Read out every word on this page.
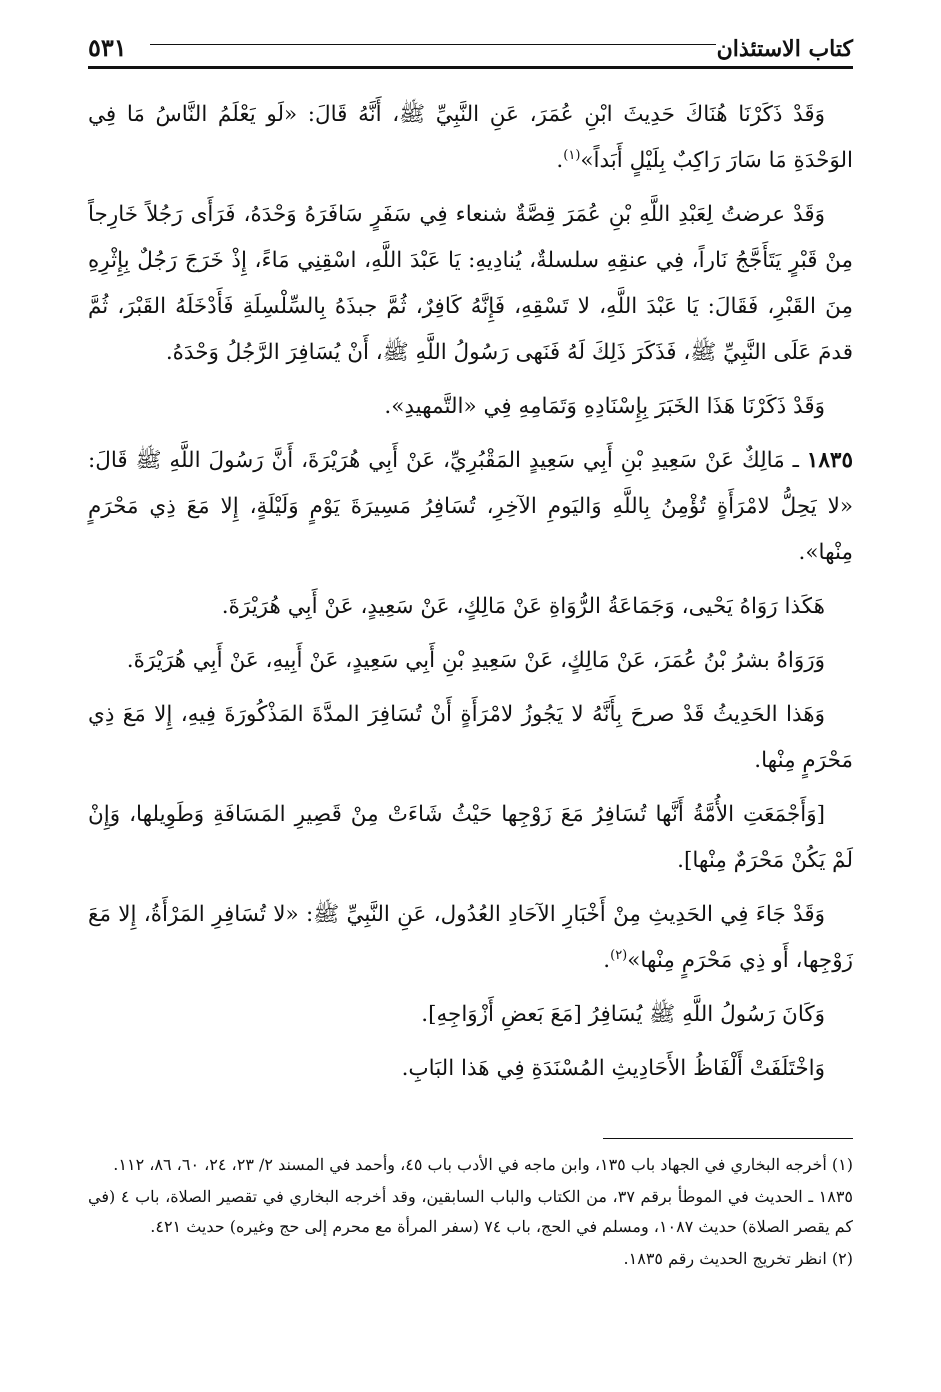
كتاب الاستئذان
٥٣١

وَقَدْ ذَكَرْنَا هُنَاكَ حَدِيثَ ابْنِ عُمَرَ، عَنِ النَّبِيِّ ﷺ، أَنَّهُ قَالَ: «لَو يَعْلَمُ النَّاسُ مَا فِي الوَحْدَةِ مَا سَارَ رَاكِبٌ بِلَيْلٍ أَبَداً»$^{(١)}$.

وَقَدْ عرضتُ لِعَبْدِ اللَّهِ بْنِ عُمَرَ قِصَّةٌ شنعاء فِي سَفَرٍ سَافَرَهُ وَحْدَهُ، فَرَأَى رَجُلاً خَارِجاً مِنْ قَبْرٍ يَتَأَجَّجُ نَاراً، فِي عنقِهِ سلسلةٌ، يُنادِيهِ: يَا عَبْدَ اللَّهِ، اسْقِنِي مَاءً، إِذْ خَرَجَ رَجُلٌ بِإِثْرِهِ مِنَ القَبْرِ، فَقَالَ: يَا عَبْدَ اللَّهِ، لا تَسْقِهِ، فَإِنَّهُ كَافِرٌ، ثُمَّ جبذَهُ بِالسِّلْسِلَةِ فَأَدْخَلَهُ القَبْرَ، ثُمَّ قدمَ عَلَى النَّبِيِّ ﷺ، فَذَكَرَ ذَلِكَ لَهُ فَنَهى رَسُولُ اللَّهِ ﷺ، أَنْ يُسَافِرَ الرَّجُلُ وَحْدَهُ.

وَقَدْ ذَكَرْنَا هَذَا الخَبَرَ بِإِسْنَادِهِ وَتَمَامِهِ فِي «التَّمهيدِ».

١٨٣٥ ـ مَالِكٌ عَنْ سَعِيدِ بْنِ أَبِي سَعِيدٍ المَقْبُرِيِّ، عَنْ أَبِي هُرَيْرَةَ، أَنَّ رَسُولَ اللَّهِ ﷺ قَالَ: «لا يَحِلُّ لامْرَأَةٍ تُؤْمِنُ بِاللَّهِ وَاليَومِ الآخِرِ، تُسَافِرُ مَسِيرَةَ يَوْمٍ وَلَيْلَةٍ، إِلا مَعَ ذِي مَحْرَمٍ مِنْها».

هَكَذا رَوَاهُ يَحْيى، وَجَمَاعَةُ الرُّوَاةِ عَنْ مَالِكٍ، عَنْ سَعِيدٍ، عَنْ أَبِي هُرَيْرَةَ.

وَرَوَاهُ بشرُ بْنُ عُمَرَ، عَنْ مَالِكٍ، عَنْ سَعِيدِ بْنِ أَبِي سَعِيدٍ، عَنْ أَبِيهِ، عَنْ أَبِي هُرَيْرَةَ.

وَهَذا الحَدِيثُ قَدْ صرحَ بِأَنَّهُ لا يَجُوزُ لامْرَأَةٍ أَنْ تُسَافِرَ المدَّةَ المَذْكُورَةَ فِيهِ، إِلا مَعَ ذِي مَحْرَمٍ مِنْها.

[وَأَجْمَعَتِ الأُمَّةُ أَنَّها تُسَافِرُ مَعَ زَوْجِها حَيْثُ شَاءَتْ مِنْ قَصِيرِ المَسَافَةِ وَطَوِيلها، وَإِنْ لَمْ يَكُنْ مَحْرَمٌ مِنْها].

وَقَدْ جَاءَ فِي الحَدِيثِ مِنْ أَخْبَارِ الآحَادِ العُدُول، عَنِ النَّبِيِّ ﷺ: «لا تُسَافِرِ المَرْأَةُ، إِلا مَعَ زَوْجِها، أَو ذِي مَحْرَمٍ مِنْها»$^{(٢)}$.

وَكَانَ رَسُولُ اللَّهِ ﷺ يُسَافِرُ [مَعَ بَعضِ أَزْوَاجِهِ].

وَاخْتَلَفَتْ أَلْفَاظُ الأَحَادِيثِ المُسْنَدَةِ فِي هَذا البَابِ.

(١) أخرجه البخاري في الجهاد باب ١٣٥، وابن ماجه في الأدب باب ٤٥، وأحمد في المسند ٢/ ٢٣، ٢٤، ٦٠، ٨٦، ١١٢.

١٨٣٥ ـ الحديث في الموطأ برقم ٣٧، من الكتاب والباب السابقين، وقد أخرجه البخاري في تقصير الصلاة، باب ٤ (في كم يقصر الصلاة) حديث ١٠٨٧، ومسلم في الحج، باب ٧٤ (سفر المرأة مع محرم إلى حج وغيره) حديث ٤٢١.

(٢) انظر تخريج الحديث رقم ١٨٣٥.
